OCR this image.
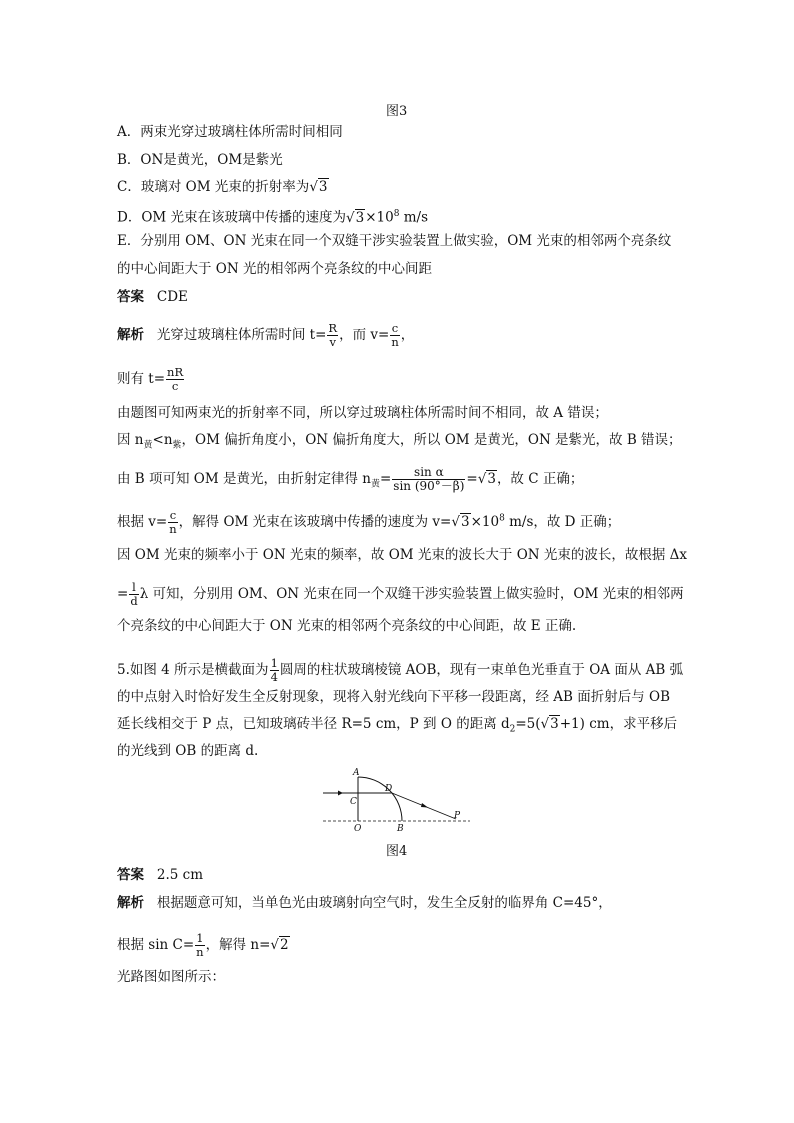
图3
A．两束光穿过玻璃柱体所需时间相同
B．ON是黄光，OM是紫光
C．玻璃对 OM 光束的折射率为√3
D．OM 光束在该玻璃中传播的速度为$√3\times 10^8$ m/s
E．分别用 OM、ON 光束在同一个双缝干涉实验装置上做实验，OM 光束的相邻两个亮条纹
的中心间距大于 ON 光的相邻两个亮条纹的中心间距
答案 CDE
解析 光穿过玻璃柱体所需时间 $t= \frac{R}{v}$ ，而 $v= \frac{c}{n}$ ，
则有 $t= \frac{nR}{c}$
由题图可知两束光的折射率不同，所以穿过玻璃柱体所需时间不相同，故 A 错误；
因 $n_黄<n_紫$，OM 偏折角度小，ON 偏折角度大，所以 OM 是黄光，ON 是紫光，故 B 错误；
由 B 项可知 OM 是黄光，由折射定律得 $n_黄= \frac{\text{sin α}}{\sin (90^\circ-\beta)} =√3$，故 C 正确；
根据 $v= \frac{c}{n}$ ，解得 OM 光束在该玻璃中传播的速度为 $v=√3\times 10^8$ m/s，故 D 正确；
因 OM 光束的频率小于 ON 光束的频率，故 OM 光束的波长大于 ON 光束的波长，故根据 Δx
= $\frac{l}{d}$ λ 可知，分别用 OM、ON 光束在同一个双缝干涉实验装置上做实验时，OM 光束的相邻两
个亮条纹的中心间距大于 ON 光束的相邻两个亮条纹的中心间距，故 E 正确.
5.如图 4 所示是横截面为 $\frac{1}{4}$ 圆周的柱状玻璃棱镜 AOB，现有一束单色光垂直于 OA 面从 AB 弧
的中点射入时恰好发生全反射现象，现将入射光线向下平移一段距离，经 AB 面折射后与 OB
延长线相交于 P 点，已知玻璃砖半径 R=5 cm，P 到 O 的距离 $d_2=5(√3+1)$ cm，求平移后
的光线到 OB 的距离 d.
A
D
C
O	B
P
图4
答案 2.5 cm
解析 根据题意可知，当单色光由玻璃射向空气时，发生全反射的临界角 C=45°，
根据 $\sin C= \frac{1}{n}$ ，解得 n=√2
光路图如图所示：
